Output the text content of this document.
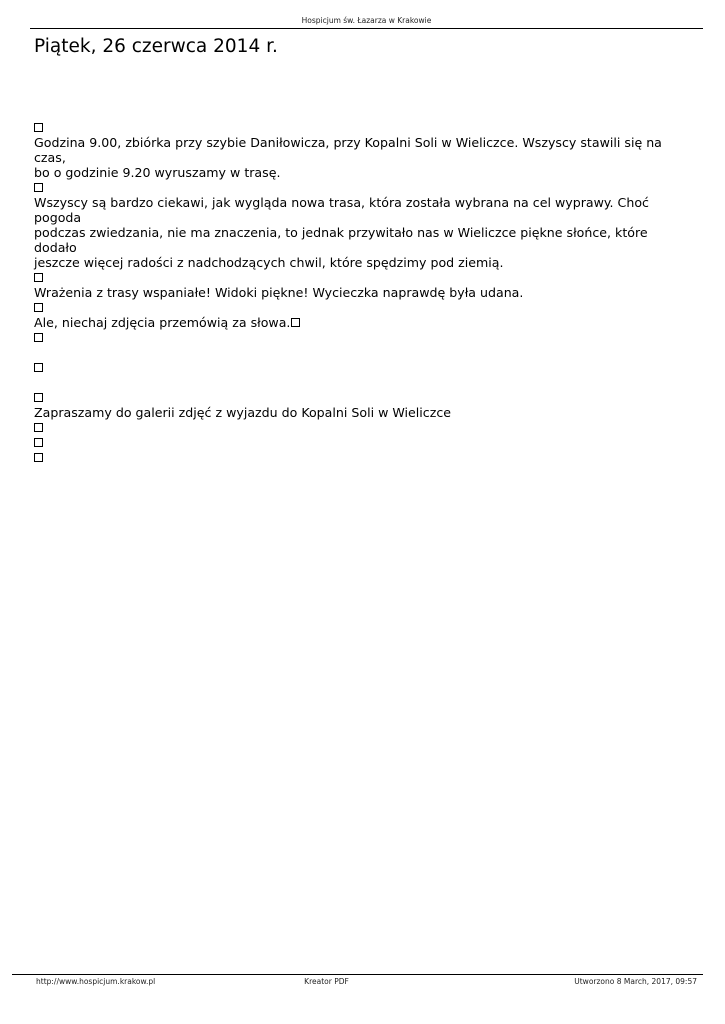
Hospicjum św. Łazarza w Krakowie
Piątek, 26 czerwca 2014 r.
Godzina 9.00, zbiórka przy szybie Daniłowicza, przy Kopalni Soli w Wieliczce. Wszyscy stawili się na czas,
bo o godzinie 9.20 wyruszamy w trasę.
Wszyscy są bardzo ciekawi, jak wygląda nowa trasa, która została wybrana na cel wyprawy. Choć pogoda
podczas zwiedzania, nie ma znaczenia, to jednak przywitało nas w Wieliczce piękne słońce, które dodało
jeszcze więcej radości z nadchodzących chwil, które spędzimy pod ziemią.
Wrażenia z trasy wspaniałe! Widoki piękne! Wycieczka naprawdę była udana.
Ale, niechaj zdjęcia przemówią za słowa.
Zapraszamy do galerii zdjęć z wyjazdu do Kopalni Soli w Wieliczce
http://www.hospicjum.krakow.pl	Kreator PDF	Utworzono 8 March, 2017, 09:57
